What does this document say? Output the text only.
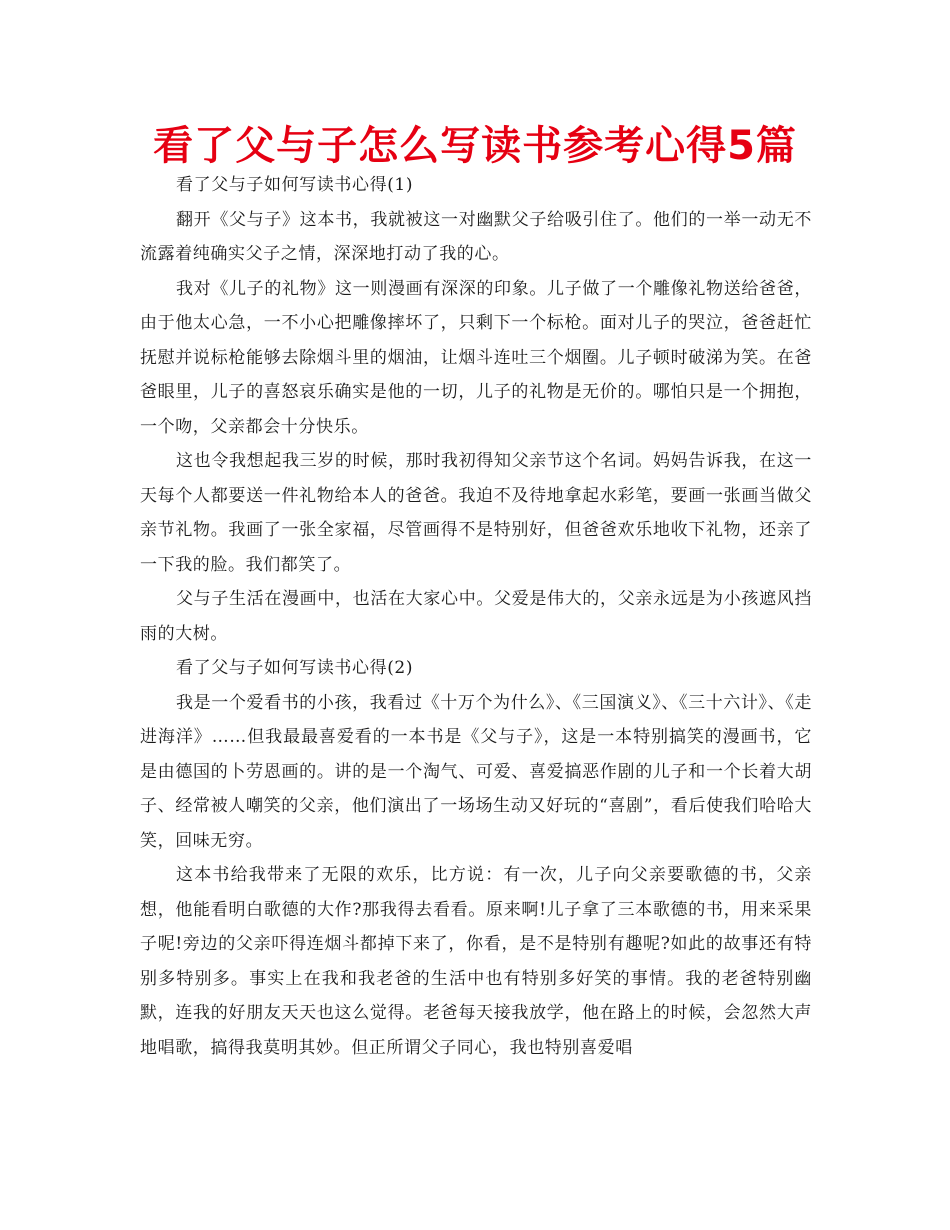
看了父与子怎么写读书参考心得5篇
看了父与子如何写读书心得(1)

翻开《父与子》这本书，我就被这一对幽默父子给吸引住了。他们的一举一动无不流露着纯确实父子之情，深深地打动了我的心。

我对《儿子的礼物》这一则漫画有深深的印象。儿子做了一个雕像礼物送给爸爸，由于他太心急，一不小心把雕像摔坏了，只剩下一个标枪。面对儿子的哭泣，爸爸赶忙抚慰并说标枪能够去除烟斗里的烟油，让烟斗连吐三个烟圈。儿子顿时破涕为笑。在爸爸眼里，儿子的喜怒哀乐确实是他的一切，儿子的礼物是无价的。哪怕只是一个拥抱，一个吻，父亲都会十分快乐。

这也令我想起我三岁的时候，那时我初得知父亲节这个名词。妈妈告诉我，在这一天每个人都要送一件礼物给本人的爸爸。我迫不及待地拿起水彩笔，要画一张画当做父亲节礼物。我画了一张全家福，尽管画得不是特别好，但爸爸欢乐地收下礼物，还亲了一下我的脸。我们都笑了。

父与子生活在漫画中，也活在大家心中。父爱是伟大的，父亲永远是为小孩遮风挡雨的大树。

看了父与子如何写读书心得(2)

我是一个爱看书的小孩，我看过《十万个为什么》、《三国演义》、《三十六计》、《走进海洋》……但我最最喜爱看的一本书是《父与子》，这是一本特别搞笑的漫画书，它是由德国的卜劳恩画的。讲的是一个淘气、可爱、喜爱搞恶作剧的儿子和一个长着大胡子、经常被人嘲笑的父亲，他们演出了一场场生动又好玩的“喜剧”，看后使我们哈哈大笑，回味无穷。

这本书给我带来了无限的欢乐，比方说：有一次，儿子向父亲要歌德的书，父亲想，他能看明白歌德的大作?那我得去看看。原来啊!儿子拿了三本歌德的书，用来采果子呢!旁边的父亲吓得连烟斗都掉下来了，你看，是不是特别有趣呢?如此的故事还有特别多特别多。事实上在我和我老爸的生活中也有特别多好笑的事情。我的老爸特别幽默，连我的好朋友天天也这么觉得。老爸每天接我放学，他在路上的时候，会忽然大声地唱歌，搞得我莫明其妙。但正所谓父子同心，我也特别喜爱唱
